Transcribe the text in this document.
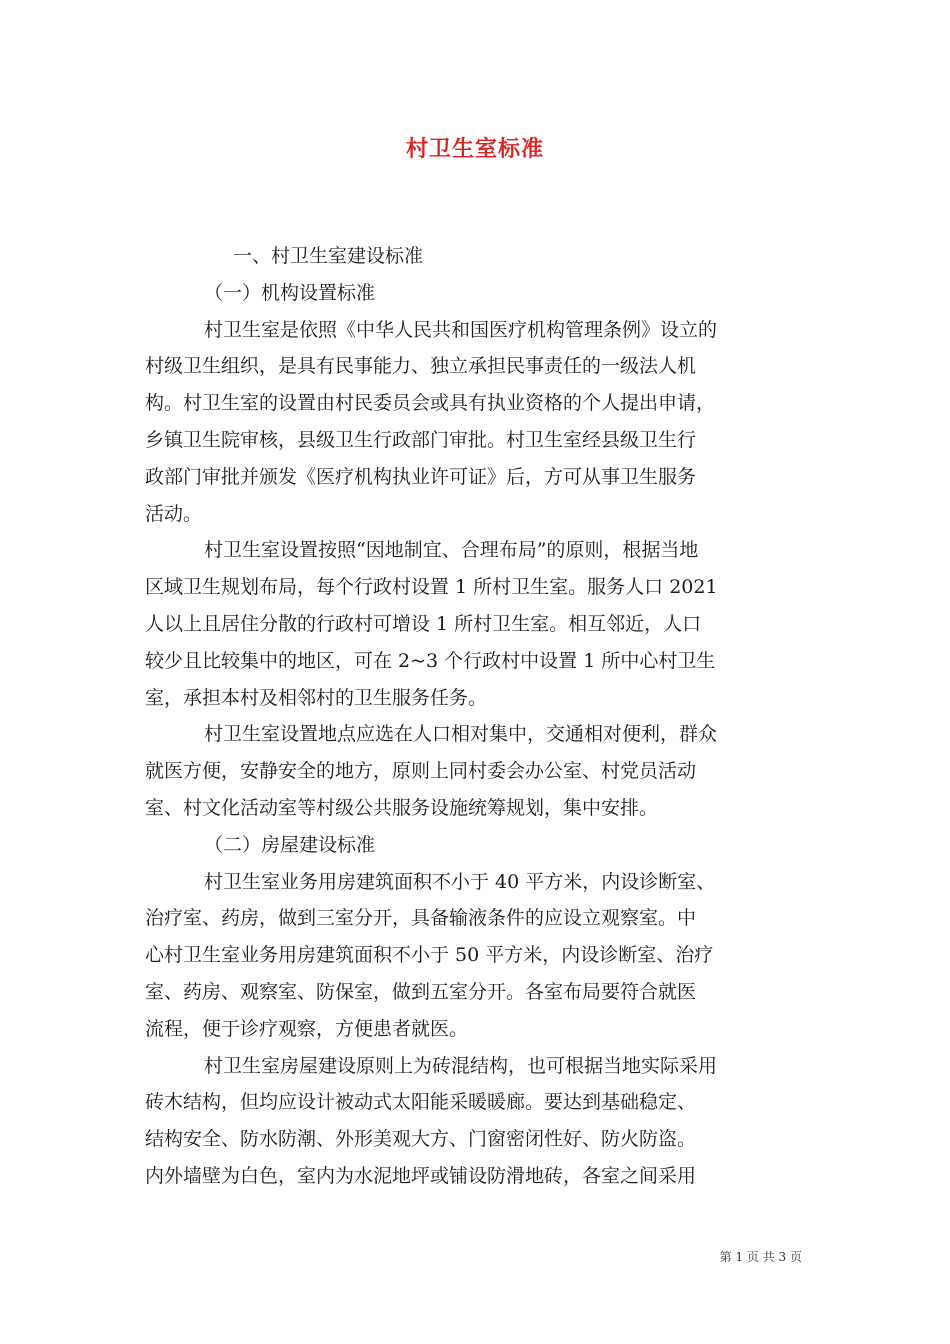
村卫生室标准
一、村卫生室建设标准
（一）机构设置标准
村卫生室是依照《中华人民共和国医疗机构管理条例》设立的
村级卫生组织，是具有民事能力、独立承担民事责任的一级法人机
构。村卫生室的设置由村民委员会或具有执业资格的个人提出申请，
乡镇卫生院审核，县级卫生行政部门审批。村卫生室经县级卫生行
政部门审批并颁发《医疗机构执业许可证》后，方可从事卫生服务
活动。
村卫生室设置按照“因地制宜、合理布局”的原则，根据当地
区域卫生规划布局，每个行政村设置 1 所村卫生室。服务人口 2021
人以上且居住分散的行政村可增设 1 所村卫生室。相互邻近，人口
较少且比较集中的地区，可在 2~3 个行政村中设置 1 所中心村卫生
室，承担本村及相邻村的卫生服务任务。
村卫生室设置地点应选在人口相对集中，交通相对便利，群众
就医方便，安静安全的地方，原则上同村委会办公室、村党员活动
室、村文化活动室等村级公共服务设施统筹规划，集中安排。
（二）房屋建设标准
村卫生室业务用房建筑面积不小于 40 平方米，内设诊断室、
治疗室、药房，做到三室分开，具备输液条件的应设立观察室。中
心村卫生室业务用房建筑面积不小于 50 平方米，内设诊断室、治疗
室、药房、观察室、防保室，做到五室分开。各室布局要符合就医
流程，便于诊疗观察，方便患者就医。
村卫生室房屋建设原则上为砖混结构，也可根据当地实际采用
砖木结构，但均应设计被动式太阳能采暖暖廊。要达到基础稳定、
结构安全、防水防潮、外形美观大方、门窗密闭性好、防火防盗。
内外墙壁为白色，室内为水泥地坪或铺设防滑地砖，各室之间采用
第 1 页 共 3 页
